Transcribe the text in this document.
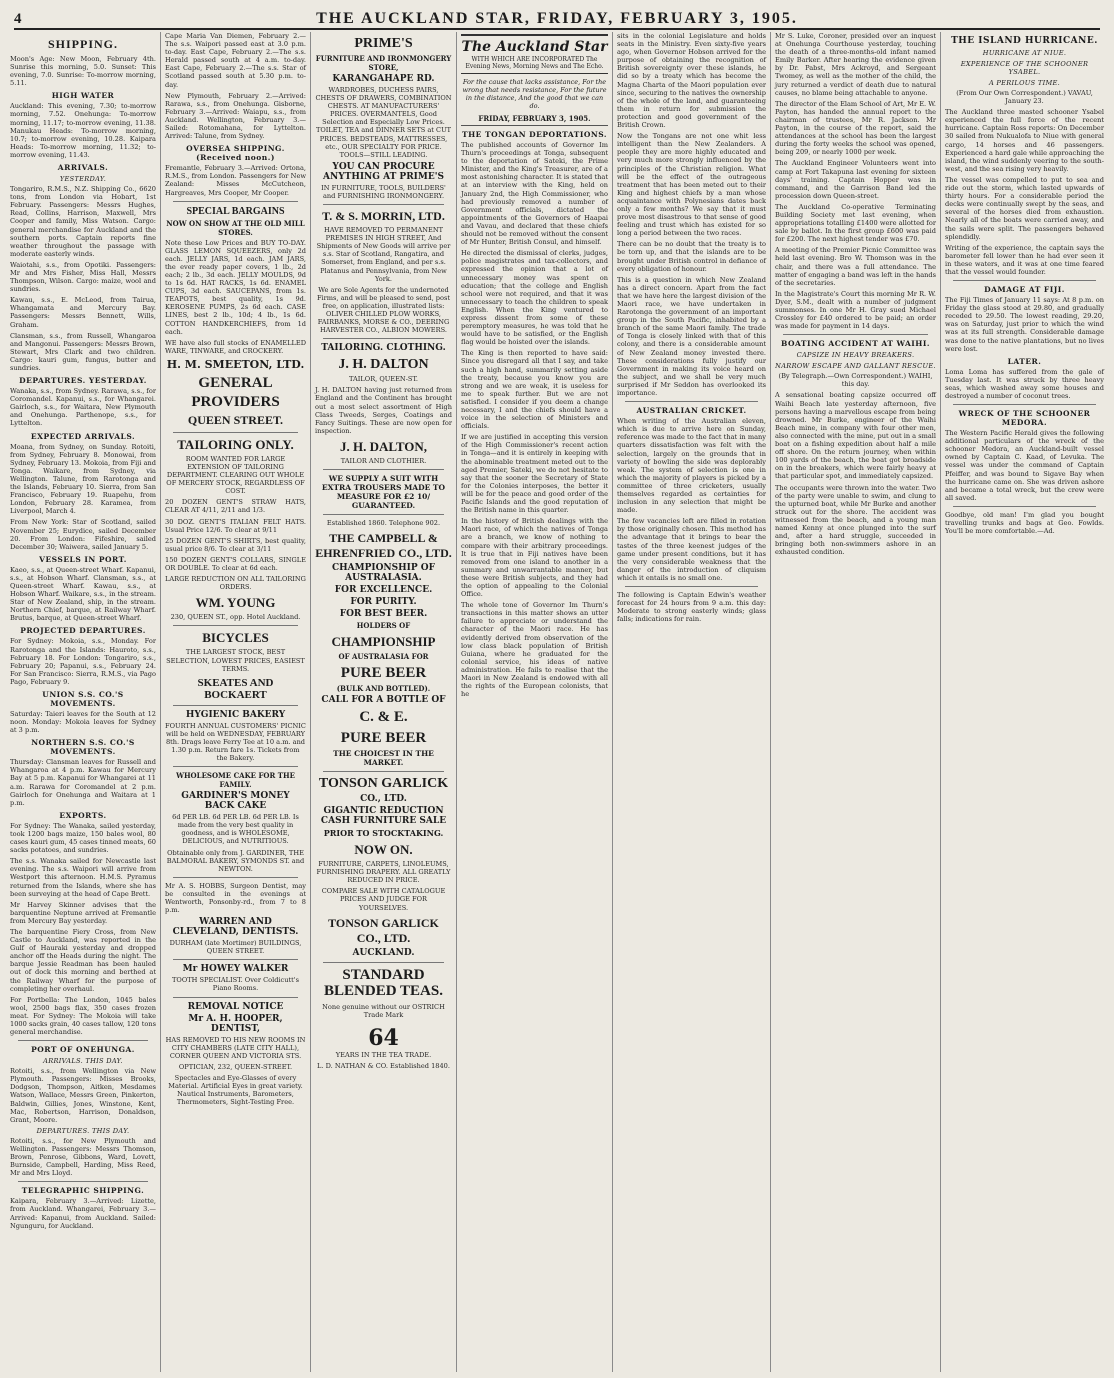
4	THE AUCKLAND STAR, FRIDAY, FEBRUARY 3, 1905.
SHIPPING.

Moon's Age: New Moon, February 4th. Sunrise this morning, 5.0. Sunset: This evening, 7.0. Sunrise: To-morrow morning, 5.11.

HIGH WATER

Auckland: This evening, 7.30; to-morrow morning, 7.52. Onehunga: To-morrow morning, 11.17; to-morrow evening, 11.38. Manukau Heads: To-morrow morning, 10.7; to-morrow evening, 10.28. Kaipara Heads: To-morrow morning, 11.32; to-morrow evening, 11.43.

ARRIVALS.
YESTERDAY.

Tongariro, R.M.S., N.Z. Shipping Co., 6620 tons, from London via Hobart, 1st February. Passengers: Messrs Hughes, Read, Collins, Harrison, Maxwell, Mrs Cooper and family, Miss Watson. Cargo: general merchandise for Auckland and the southern ports. Captain reports fine weather throughout the passage with moderate easterly winds.

Waiotahi, s.s., from Opotiki. Passengers: Mr and Mrs Fisher, Miss Hall, Messrs Thompson, Wilson. Cargo: maize, wool and sundries.

Kawau, s.s., E. McLeod, from Tairua, Whangamata and Mercury Bay. Passengers: Messrs Bennett, Wills, Graham.

Clansman, s.s., from Russell, Whangaroa and Mangonui. Passengers: Messrs Brown, Stewart, Mrs Clark and two children. Cargo: kauri gum, fungus, butter and sundries.

DEPARTURES. YESTERDAY.

Wanaka, s.s., from Sydney. Rarawa, s.s., for Coromandel. Kapanui, s.s., for Whangarei. Gairloch, s.s., for Waitara, New Plymouth and Onehunga. Parthenope, s.s., for Lyttelton.

EXPECTED ARRIVALS.

Moana, from Sydney, on Sunday. Rotoiti, from Sydney, February 8. Monowai, from Sydney, February 13. Mokoia, from Fiji and Tonga. Waikare, from Sydney, via Wellington. Talune, from Rarotonga and the Islands, February 10. Sierra, from San Francisco, February 19. Ruapehu, from London, February 28. Karamea, from Liverpool, March 4.

From New York: Star of Scotland, sailed November 25; Eurydice, sailed December 20. From London: Fifeshire, sailed December 30; Waiwera, sailed January 5.

VESSELS IN PORT.

Kaeo, s.s., at Queen-street Wharf. Kapanui, s.s., at Hobson Wharf. Clansman, s.s., at Queen-street Wharf. Kawau, s.s., at Hobson Wharf. Waikare, s.s., in the stream. Star of New Zealand, ship, in the stream. Northern Chief, barque, at Railway Wharf. Brutus, barque, at Queen-street Wharf.

PROJECTED DEPARTURES.

For Sydney: Mokoia, s.s., Monday. For Rarotonga and the Islands: Hauroto, s.s., February 18. For London: Tongariro, s.s., February 20; Papanui, s.s., February 24. For San Francisco: Sierra, R.M.S., via Pago Pago, February 9.

UNION S.S. CO.'S MOVEMENTS.

Saturday: Taieri leaves for the South at 12 noon. Monday: Mokoia leaves for Sydney at 3 p.m.

NORTHERN S.S. CO.'S MOVEMENTS.

Thursday: Clansman leaves for Russell and Whangaroa at 4 p.m. Kawau for Mercury Bay at 5 p.m. Kapanui for Whangarei at 11 a.m. Rarawa for Coromandel at 2 p.m. Gairloch for Onehunga and Waitara at 1 p.m.

EXPORTS.

For Sydney: The Wanaka, sailed yesterday, took 1200 bags maize, 150 bales wool, 80 cases kauri gum, 45 cases tinned meats, 60 sacks potatoes, and sundries.

The s.s. Wanaka sailed for Newcastle last evening. The s.s. Waipori will arrive from Westport this afternoon. H.M.S. Pyramus returned from the Islands, where she has been surveying at the head of Cape Brett.

Mr Harvey Skinner advises that the barquentine Neptune arrived at Fremantle from Mercury Bay yesterday.

The barquentine Fiery Cross, from New Castle to Auckland, was reported in the Gulf of Hauraki yesterday and dropped anchor off the Heads during the night. The barque Jessie Readman has been hauled out of dock this morning and berthed at the Railway Wharf for the purpose of completing her overhaul.

For Portbella: The London, 1045 bales wool, 2500 bags flax, 350 cases frozen meat. For Sydney: The Mokoia will take 1000 sacks grain, 40 cases tallow, 120 tons general merchandise.

PORT OF ONEHUNGA.
ARRIVALS. THIS DAY.

Rotoiti, s.s., from Wellington via New Plymouth. Passengers: Misses Brooks, Dodgson, Thompson, Aitken, Mesdames Watson, Wallace, Messrs Green, Pinkerton, Baldwin, Gillies, Jones, Winstone, Kent, Mac, Robertson, Harrison, Donaldson, Grant, Moore.

DEPARTURES. THIS DAY.

Rotoiti, s.s., for New Plymouth and Wellington. Passengers: Messrs Thomson, Brown, Penrose, Gibbons, Ward, Lovett, Burnside, Campbell, Harding, Miss Reed, Mr and Mrs Lloyd.

TELEGRAPHIC SHIPPING.

Kaipara, February 3.—Arrived: Lizette, from Auckland. Whangarei, February 3.—Arrived: Kapanui, from Auckland. Sailed: Ngunguru, for Auckland.

Cape Maria Van Diemen, February 2.—The s.s. Waipori passed east at 3.0 p.m. to-day. East Cape, February 2.—The s.s. Herald passed south at 4 a.m. to-day. East Cape, February 2.—The s.s. Star of Scotland passed south at 5.30 p.m. to-day.

New Plymouth, February 2.—Arrived: Rarawa, s.s., from Onehunga. Gisborne, February 3.—Arrived: Waiapu, s.s., from Auckland. Wellington, February 3.—Sailed: Rotomahana, for Lyttelton. Arrived: Talune, from Sydney.

OVERSEA SHIPPING. (Received noon.)

Fremantle, February 3.—Arrived: Ortona, R.M.S., from London. Passengers for New Zealand: Misses McCutcheon, Hargreaves, Mrs Cooper, Mr Cooper.

SPECIAL BARGAINS
NOW ON SHOW AT THE OLD MILL STORES.

Note these Low Prices and BUY TO-DAY. GLASS LEMON SQUEEZERS, only 2d each. JELLY JARS, 1d each. JAM JARS, the ever ready paper covers, 1 lb., 2d each; 2 lb., 3d each. JELLY MOULDS, 9d to 1s 6d. HAT RACKS, 1s 6d. ENAMEL CUPS, 3d each. SAUCEPANS, from 1s. TEAPOTS, best quality, 1s 9d. KEROSENE PUMPS, 2s 6d each. CASE LINES, best 2 lb., 10d; 4 lb., 1s 6d. COTTON HANDKERCHIEFS, from 1d each.

WE have also full stocks of ENAMELLED WARE, TINWARE, and CROCKERY.

H. M. SMEETON, LTD.
GENERAL
PROVIDERS
QUEEN STREET.
TAILORING ONLY.

ROOM WANTED FOR LARGE EXTENSION OF TAILORING DEPARTMENT. CLEARING OUT WHOLE OF MERCERY STOCK, REGARDLESS OF COST.

20 DOZEN GENT'S STRAW HATS, CLEAR AT 4/11, 2/11 and 1/3.

30 DOZ. GENT'S ITALIAN FELT HATS. Usual Price 12/6. To clear at 9/11

25 DOZEN GENT'S SHIRTS, best quality, usual price 8/6. To clear at 3/11

150 DOZEN GENT'S COLLARS, SINGLE OR DOUBLE. To clear at 6d each.

LARGE REDUCTION ON ALL TAILORING ORDERS.

WM. YOUNG

230, QUEEN ST., opp. Hotel Auckland.

BICYCLES

THE LARGEST STOCK, BEST SELECTION, LOWEST PRICES, EASIEST TERMS.

SKEATES AND BOCKAERT
HYGIENIC BAKERY

FOURTH ANNUAL CUSTOMERS' PICNIC will be held on WEDNESDAY, FEBRUARY 8th. Drags leave Ferry Tee at 10 a.m. and 1.30 p.m. Return fare 1s. Tickets from the Bakery.

WHOLESOME CAKE FOR THE FAMILY.
GARDINER'S MONEY BACK CAKE

6d PER LB. 6d PER LB. 6d PER LB. Is made from the very best quality in goodness, and is WHOLESOME, DELICIOUS, and NUTRITIOUS.

Obtainable only from J. GARDINER, THE BALMORAL BAKERY, SYMONDS ST. and NEWTON.

Mr A. S. HOBBS, Surgeon Dentist, may be consulted in the evenings at Wentworth, Ponsonby-rd., from 7 to 8 p.m.

WARREN AND CLEVELAND, DENTISTS.

DURHAM (late Mortimer) BUILDINGS, QUEEN STREET.

Mr HOWEY WALKER

TOOTH SPECIALIST. Over Coldicutt's Piano Rooms.

REMOVAL NOTICE
Mr A. H. HOOPER, DENTIST,

HAS REMOVED TO HIS NEW ROOMS IN CITY CHAMBERS (LATE CITY HALL), CORNER QUEEN AND VICTORIA STS.

OPTICIAN, 232, QUEEN-STREET.

Spectacles and Eye-Glasses of every Material. Artificial Eyes in great variety. Nautical Instruments, Barometers, Thermometers, Sight-Testing Free.

PRIME'S
FURNITURE AND IRONMONGERY STORE,
KARANGAHAPE RD.

WARDROBES, DUCHESS PAIRS, CHESTS OF DRAWERS, COMBINATION CHESTS. AT MANUFACTURERS' PRICES. OVERMANTELS, Good Selection and Especially Low Prices. TOILET, TEA and DINNER SETS at CUT PRICES. BEDSTEADS, MATTRESSES, etc., OUR SPECIALTY FOR PRICE. TOOLS—STILL LEADING.

YOU CAN PROCURE ANYTHING AT PRIME'S

IN FURNITURE, TOOLS, BUILDERS' and FURNISHING IRONMONGERY.

T. & S. MORRIN, LTD.

HAVE REMOVED TO PERMANENT PREMISES IN HIGH STREET, And Shipments of New Goods will arrive per s.s. Star of Scotland, Rangatira, and Somerset, from England, and per s.s. Platanus and Pennsylvania, from New York.

We are Sole Agents for the undernoted Firms, and will be pleased to send, post free, on application, illustrated lists: OLIVER CHILLED PLOW WORKS, FAIRBANKS, MORSE & CO., DEERING HARVESTER CO., ALBION MOWERS.

TAILORING. CLOTHING.
J. H. DALTON

TAILOR, QUEEN-ST.

J. H. DALTON having just returned from England and the Continent has brought out a most select assortment of High Class Tweeds, Serges, Coatings and Fancy Suitings. These are now open for inspection.

J. H. DALTON,

TAILOR AND CLOTHIER.

WE SUPPLY A SUIT WITH EXTRA TROUSERS MADE TO MEASURE FOR £2 10/ GUARANTEED.

Established 1860. Telephone 902.

THE CAMPBELL & EHRENFRIED CO., LTD.
CHAMPIONSHIP OF AUSTRALASIA.
FOR EXCELLENCE.
FOR PURITY.
FOR BEST BEER.
HOLDERS OF
CHAMPIONSHIP
OF AUSTRALASIA FOR
PURE BEER
(BULK AND BOTTLED).
CALL FOR A BOTTLE OF
C. & E.
PURE BEER
THE CHOICEST IN THE MARKET.
TONSON GARLICK
CO., LTD.
GIGANTIC REDUCTION CASH FURNITURE SALE
PRIOR TO STOCKTAKING.
NOW ON.

FURNITURE, CARPETS, LINOLEUMS, FURNISHING DRAPERY. ALL GREATLY REDUCED IN PRICE.

COMPARE SALE WITH CATALOGUE PRICES AND JUDGE FOR YOURSELVES.

TONSON GARLICK CO., LTD.
AUCKLAND.
STANDARD BLENDED TEAS.

None genuine without our OSTRICH Trade Mark

64

YEARS IN THE TEA TRADE.

L. D. NATHAN & CO. Established 1840.

The Auckland Star
WITH WHICH ARE INCORPORATED The Evening News, Morning News and The Echo.
For the cause that lacks assistance, For the wrong that needs resistance, For the future in the distance, And the good that we can do.
FRIDAY, FEBRUARY 3, 1905.
THE TONGAN DEPORTATIONS.

The published accounts of Governor Im Thurn's proceedings at Tonga, subsequent to the deportation of Sateki, the Prime Minister, and the King's Treasurer, are of a most astonishing character. It is stated that at an interview with the King, held on January 2nd, the High Commissioner, who had previously removed a number of Government officials, dictated the appointments of the Governors of Haapai and Vavau, and declared that these chiefs should not be removed without the consent of Mr Hunter, British Consul, and himself.

He directed the dismissal of clerks, judges, police magistrates and tax-collectors, and expressed the opinion that a lot of unnecessary money was spent on education; that the college and English school were not required, and that it was unnecessary to teach the children to speak English. When the King ventured to express dissent from some of these peremptory measures, he was told that he would have to be satisfied, or the English flag would be hoisted over the islands.

The King is then reported to have said: Since you disregard all that I say, and take such a high hand, summarily setting aside the treaty, because you know you are strong and we are weak, it is useless for me to speak further. But we are not satisfied. I consider if you deem a change necessary, I and the chiefs should have a voice in the selection of Ministers and officials.

If we are justified in accepting this version of the High Commissioner's recent action in Tonga—and it is entirely in keeping with the abominable treatment meted out to the aged Premier, Sateki, we do not hesitate to say that the sooner the Secretary of State for the Colonies interposes, the better it will be for the peace and good order of the Pacific Islands and the good reputation of the British name in this quarter.

In the history of British dealings with the Maori race, of which the natives of Tonga are a branch, we know of nothing to compare with their arbitrary proceedings. It is true that in Fiji natives have been removed from one island to another in a summary and unwarrantable manner, but these were British subjects, and they had the option of appealing to the Colonial Office.

The whole tone of Governor Im Thurn's transactions in this matter shows an utter failure to appreciate or understand the character of the Maori race. He has evidently derived from observation of the low class black population of British Guiana, where he graduated for the colonial service, his ideas of native administration. He fails to realise that the Maori in New Zealand is endowed with all the rights of the European colonists, that he

sits in the colonial Legislature and holds seats in the Ministry. Even sixty-five years ago, when Governor Hobson arrived for the purpose of obtaining the recognition of British sovereignty over these islands, he did so by a treaty which has become the Magna Charta of the Maori population ever since, securing to the natives the ownership of the whole of the land, and guaranteeing them in return for submission the protection and good government of the British Crown.

Now the Tongans are not one whit less intelligent than the New Zealanders. A people they are more highly educated and very much more strongly influenced by the principles of the Christian religion. What will be the effect of the outrageous treatment that has been meted out to their King and highest chiefs by a man whose acquaintance with Polynesians dates back only a few months? We say that it must prove most disastrous to that sense of good feeling and trust which has existed for so long a period between the two races.

There can be no doubt that the treaty is to be torn up, and that the islands are to be brought under British control in defiance of every obligation of honour.

This is a question in which New Zealand has a direct concern. Apart from the fact that we have here the largest division of the Maori race, we have undertaken in Rarotonga the government of an important group in the South Pacific, inhabited by a branch of the same Maori family. The trade of Tonga is closely linked with that of this colony, and there is a considerable amount of New Zealand money invested there. These considerations fully justify our Government in making its voice heard on the subject, and we shall be very much surprised if Mr Seddon has overlooked its importance.

AUSTRALIAN CRICKET.

When writing of the Australian eleven, which is due to arrive here on Sunday, reference was made to the fact that in many quarters dissatisfaction was felt with the selection, largely on the grounds that in variety of bowling the side was deplorably weak. The system of selection is one in which the majority of players is picked by a committee of three cricketers, usually themselves regarded as certainties for inclusion in any selection that might be made.

The few vacancies left are filled in rotation by those originally chosen. This method has the advantage that it brings to bear the tastes of the three keenest judges of the game under present conditions, but it has the very considerable weakness that the danger of the introduction of cliquism which it entails is no small one.

The following is Captain Edwin's weather forecast for 24 hours from 9 a.m. this day: Moderate to strong easterly winds; glass falls; indications for rain.

Mr S. Luke, Coroner, presided over an inquest at Onehunga Courthouse yesterday, touching the death of a three-months-old infant named Emily Barker. After hearing the evidence given by Dr. Pabst, Mrs Ackroyd, and Sergeant Twomey, as well as the mother of the child, the jury returned a verdict of death due to natural causes, no blame being attachable to anyone.

The director of the Elam School of Art, Mr E. W. Payton, has handed the annual report to the chairman of trustees, Mr R. Jackson. Mr Payton, in the course of the report, said the attendances at the school has been the largest during the forty weeks the school was opened, being 209, or nearly 1000 per week.

The Auckland Engineer Volunteers went into camp at Fort Takapuna last evening for sixteen days' training. Captain Hopper was in command, and the Garrison Band led the procession down Queen-street.

The Auckland Co-operative Terminating Building Society met last evening, when appropriations totalling £1400 were allotted for sale by ballot. In the first group £600 was paid for £200. The next highest tender was £70.

A meeting of the Premier Picnic Committee was held last evening. Bro W. Thomson was in the chair, and there was a full attendance. The matter of engaging a band was left in the hands of the secretaries.

In the Magistrate's Court this morning Mr R. W. Dyer, S.M., dealt with a number of judgment summonses. In one Mr H. Gray sued Michael Crossley for £40 ordered to be paid; an order was made for payment in 14 days.

BOATING ACCIDENT AT WAIHI.
CAPSIZE IN HEAVY BREAKERS.
NARROW ESCAPE AND GALLANT RESCUE.

(By Telegraph.—Own Correspondent.) WAIHI, this day.

A sensational boating capsize occurred off Waihi Beach late yesterday afternoon, five persons having a marvellous escape from being drowned. Mr Burke, engineer of the Waihi Beach mine, in company with four other men, also connected with the mine, put out in a small boat on a fishing expedition about half a mile off shore. On the return journey, when within 100 yards of the beach, the boat got broadside on in the breakers, which were fairly heavy at that particular spot, and immediately capsized.

The occupants were thrown into the water. Two of the party were unable to swim, and clung to the upturned boat, while Mr Burke and another struck out for the shore. The accident was witnessed from the beach, and a young man named Kenny at once plunged into the surf and, after a hard struggle, succeeded in bringing both non-swimmers ashore in an exhausted condition.

THE ISLAND HURRICANE.
HURRICANE AT NIUE.
EXPERIENCE OF THE SCHOONER YSABEL.
A PERILOUS TIME.

(From Our Own Correspondent.) VAVAU, January 23.

The Auckland three masted schooner Ysabel experienced the full force of the recent hurricane. Captain Ross reports: On December 30 sailed from Nukualofa to Niue with general cargo, 14 horses and 46 passengers. Experienced a hard gale while approaching the island, the wind suddenly veering to the south-west, and the sea rising very heavily.

The vessel was compelled to put to sea and ride out the storm, which lasted upwards of thirty hours. For a considerable period the decks were continually swept by the seas, and several of the horses died from exhaustion. Nearly all of the boats were carried away, and the sails were split. The passengers behaved splendidly.

Writing of the experience, the captain says the barometer fell lower than he had ever seen it in these waters, and it was at one time feared that the vessel would founder.

DAMAGE AT FIJI.

The Fiji Times of January 11 says: At 8 p.m. on Friday the glass stood at 29.80, and gradually receded to 29.50. The lowest reading, 29.20, was on Saturday, just prior to which the wind was at its full strength. Considerable damage was done to the native plantations, but no lives were lost.

LATER.

Loma Loma has suffered from the gale of Tuesday last. It was struck by three heavy seas, which washed away some houses and destroyed a number of coconut trees.

WRECK OF THE SCHOONER MEDORA.

The Western Pacific Herald gives the following additional particulars of the wreck of the schooner Medora, an Auckland-built vessel owned by Captain C. Kaad, of Levuka. The vessel was under the command of Captain Pfeiffer, and was bound to Sigave Bay when the hurricane came on. She was driven ashore and became a total wreck, but the crew were all saved.

Goodbye, old man! I'm glad you bought travelling trunks and bags at Geo. Fowlds. You'll be more comfortable.—Ad.
